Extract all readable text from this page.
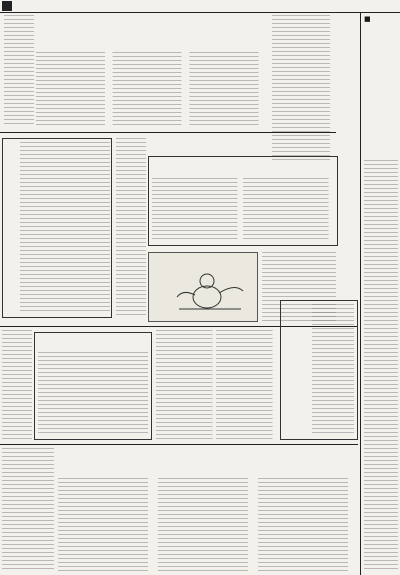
■
